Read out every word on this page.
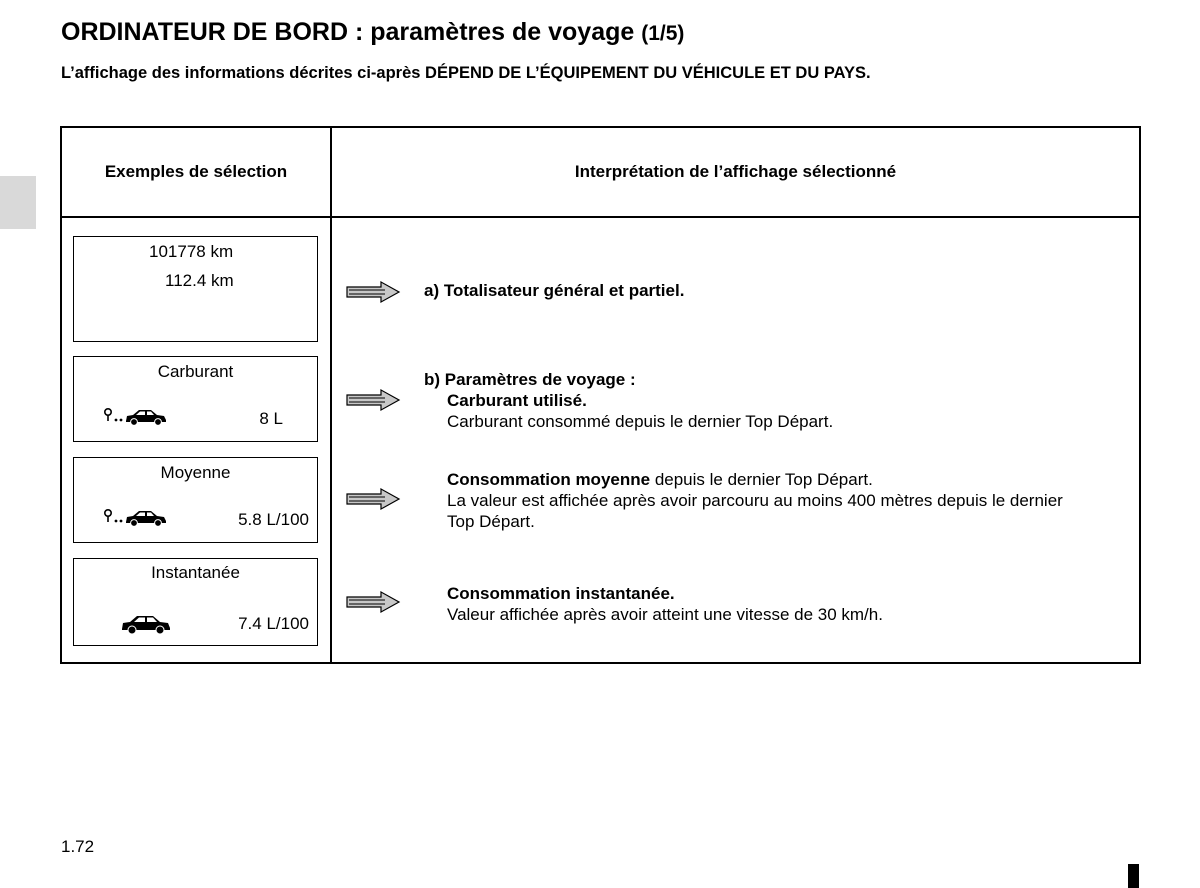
ORDINATEUR DE BORD : paramètres de voyage (1/5)
L’affichage des informations décrites ci-après DÉPEND DE L’ÉQUIPEMENT DU VÉHICULE ET DU PAYS.
Exemples de sélection	Interprétation de l’affichage sélectionné
101778 km
112.4 km
Carburant
8 L
Moyenne
5.8 L/100
Instantanée
7.4 L/100
a) Totalisateur général et partiel.
b) Paramètres de voyage :
Carburant utilisé.
Carburant consommé depuis le dernier Top Départ.
Consommation moyenne depuis le dernier Top Départ.
La valeur est affichée après avoir parcouru au moins 400 mètres depuis le dernier
Top Départ.
Consommation instantanée.
Valeur affichée après avoir atteint une vitesse de 30 km/h.
1.72
